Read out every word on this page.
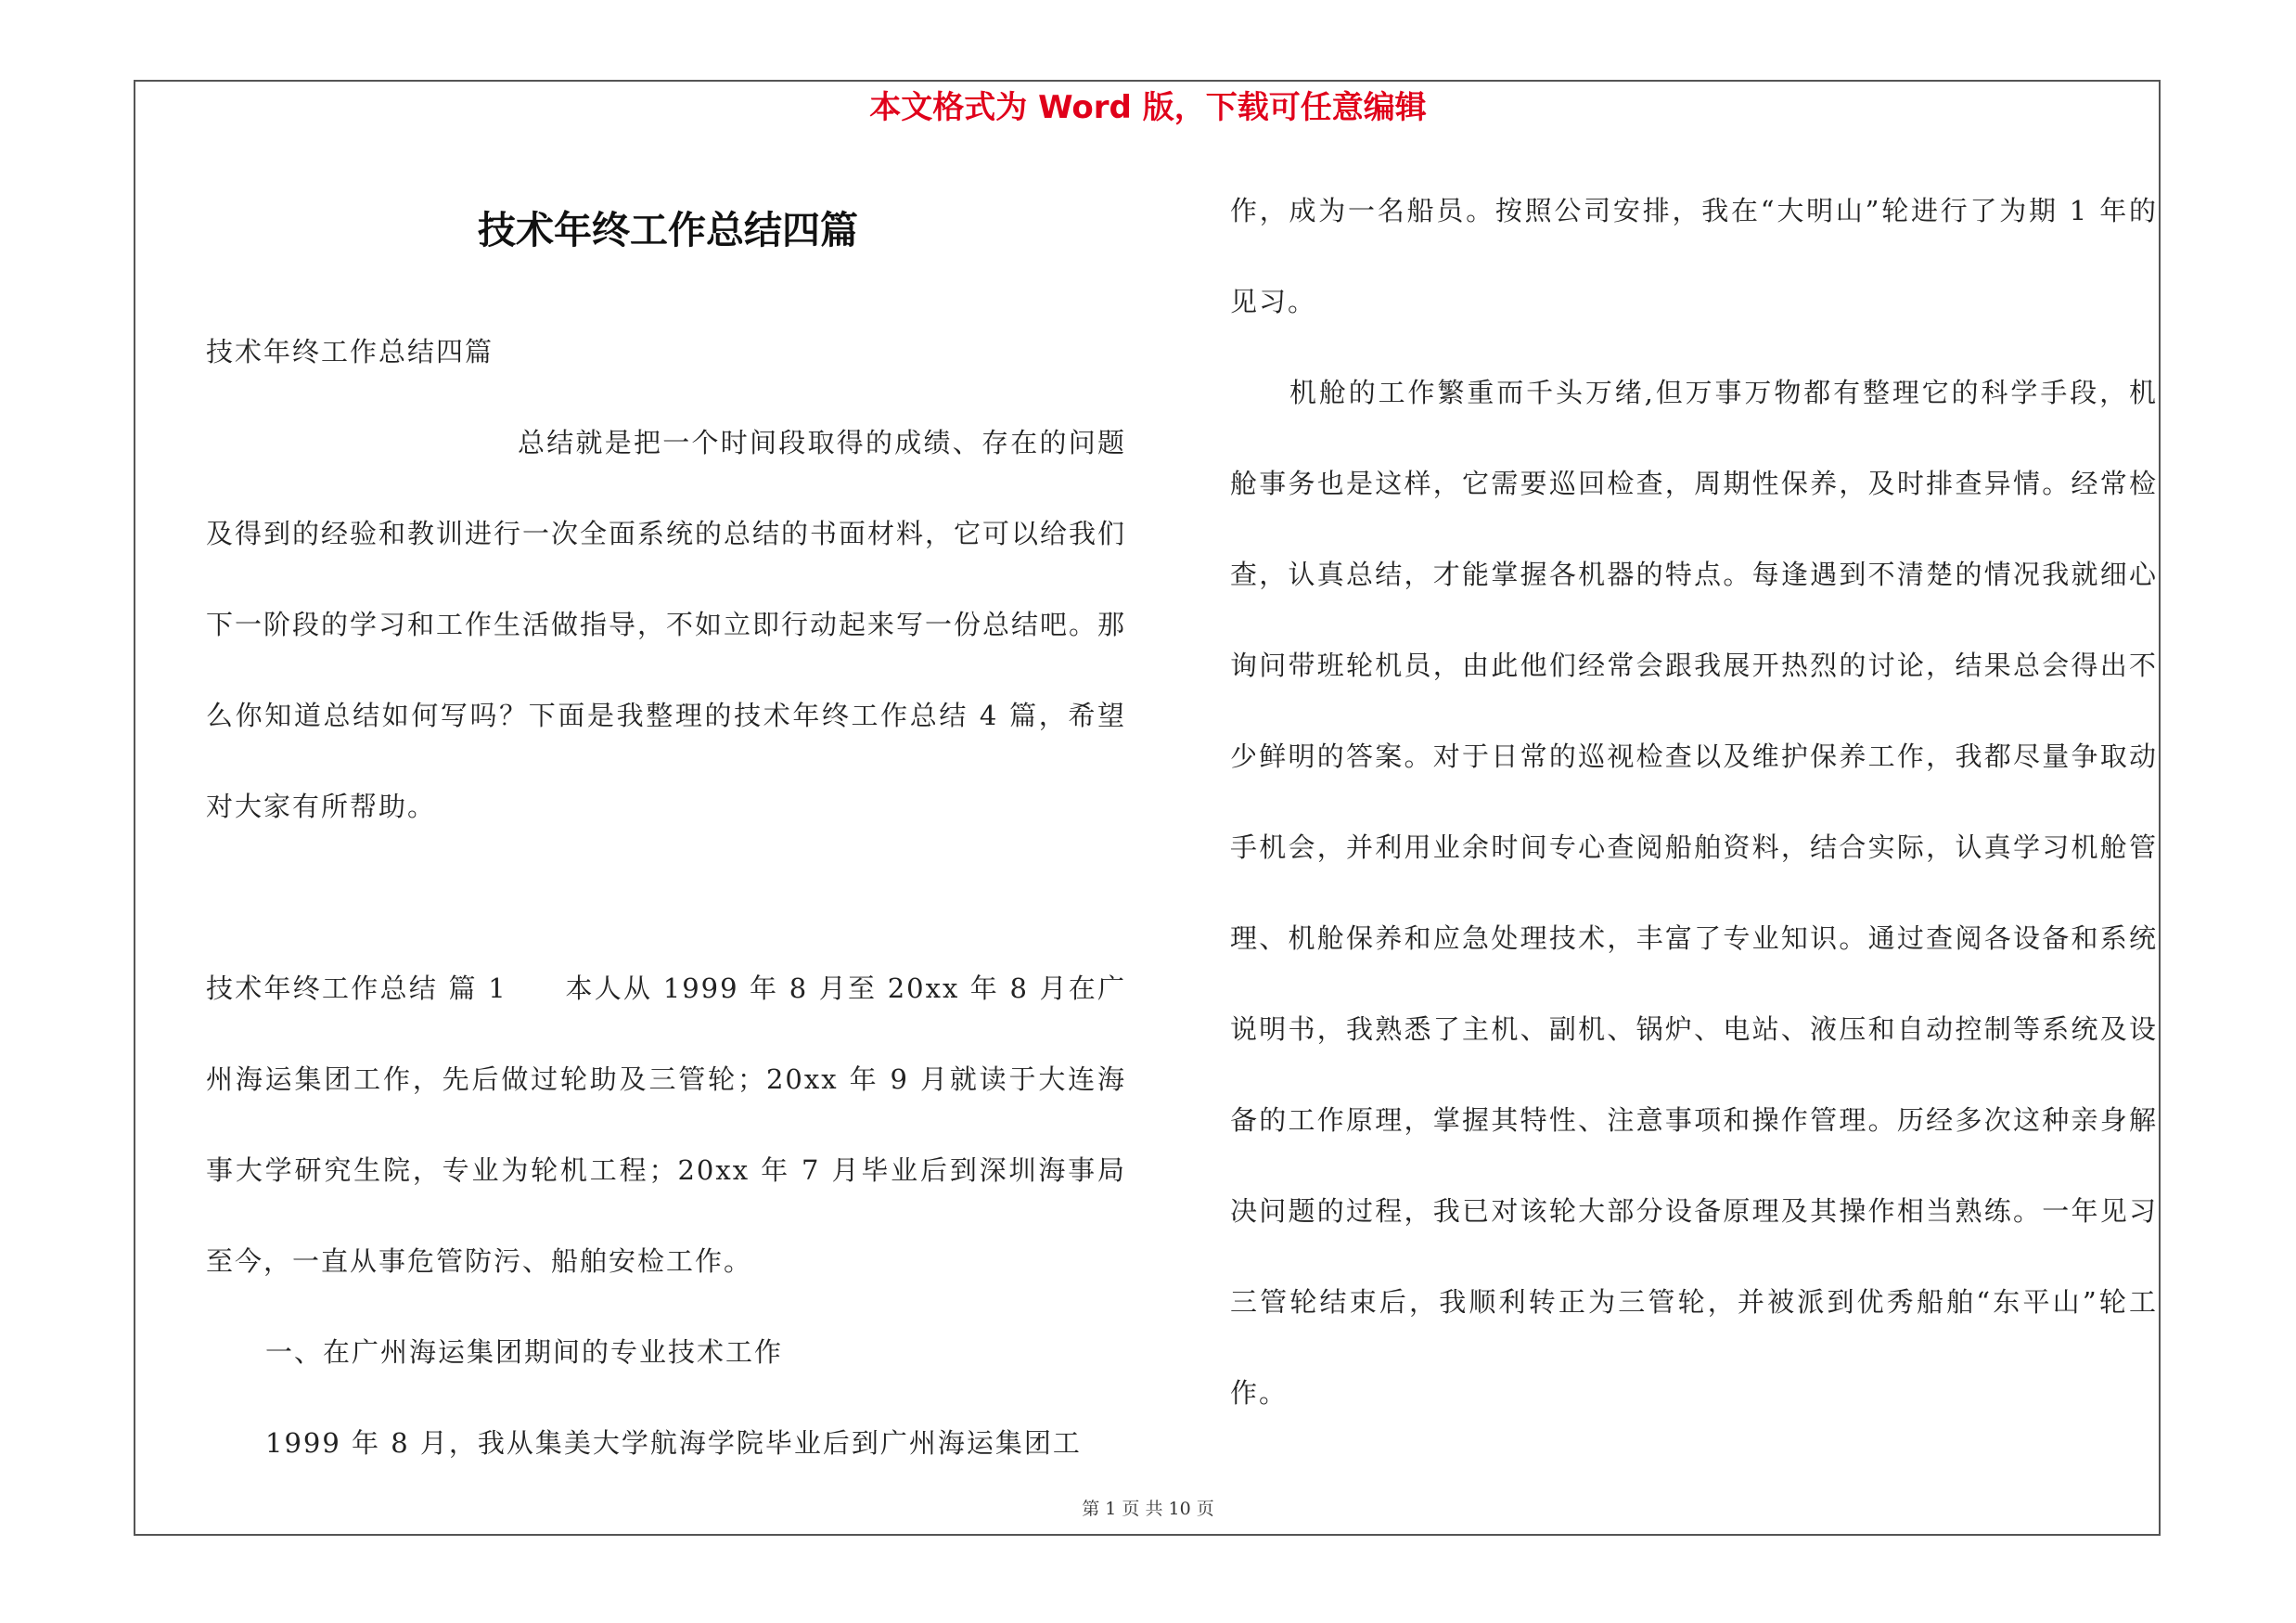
本文格式为 Word 版，下载可任意编辑
技术年终工作总结四篇

技术年终工作总结四篇

总结就是把一个时间段取得的成绩、存在的问题及得到的经验和教训进行一次全面系统的总结的书面材料，它可以给我们下一阶段的学习和工作生活做指导，不如立即行动起来写一份总结吧。那么你知道总结如何写吗？下面是我整理的技术年终工作总结 4 篇，希望对大家有所帮助。

技术年终工作总结 篇 1　　本人从 1999 年 8 月至 20xx 年 8 月在广州海运集团工作，先后做过轮助及三管轮；20xx 年 9 月就读于大连海事大学研究生院，专业为轮机工程；20xx 年 7 月毕业后到深圳海事局至今，一直从事危管防污、船舶安检工作。

一、在广州海运集团期间的专业技术工作

1999 年 8 月，我从集美大学航海学院毕业后到广州海运集团工

作，成为一名船员。按照公司安排，我在“大明山”轮进行了为期 1 年的见习。

机舱的工作繁重而千头万绪,但万事万物都有整理它的科学手段，机舱事务也是这样，它需要巡回检查，周期性保养，及时排查异情。经常检查，认真总结，才能掌握各机器的特点。每逢遇到不清楚的情况我就细心询问带班轮机员，由此他们经常会跟我展开热烈的讨论，结果总会得出不少鲜明的答案。对于日常的巡视检查以及维护保养工作，我都尽量争取动手机会，并利用业余时间专心查阅船舶资料，结合实际，认真学习机舱管理、机舱保养和应急处理技术，丰富了专业知识。通过查阅各设备和系统说明书，我熟悉了主机、副机、锅炉、电站、液压和自动控制等系统及设备的工作原理，掌握其特性、注意事项和操作管理。历经多次这种亲身解决问题的过程，我已对该轮大部分设备原理及其操作相当熟练。一年见习三管轮结束后，我顺利转正为三管轮，并被派到优秀船舶“东平山”轮工作。

第 1 页 共 10 页
